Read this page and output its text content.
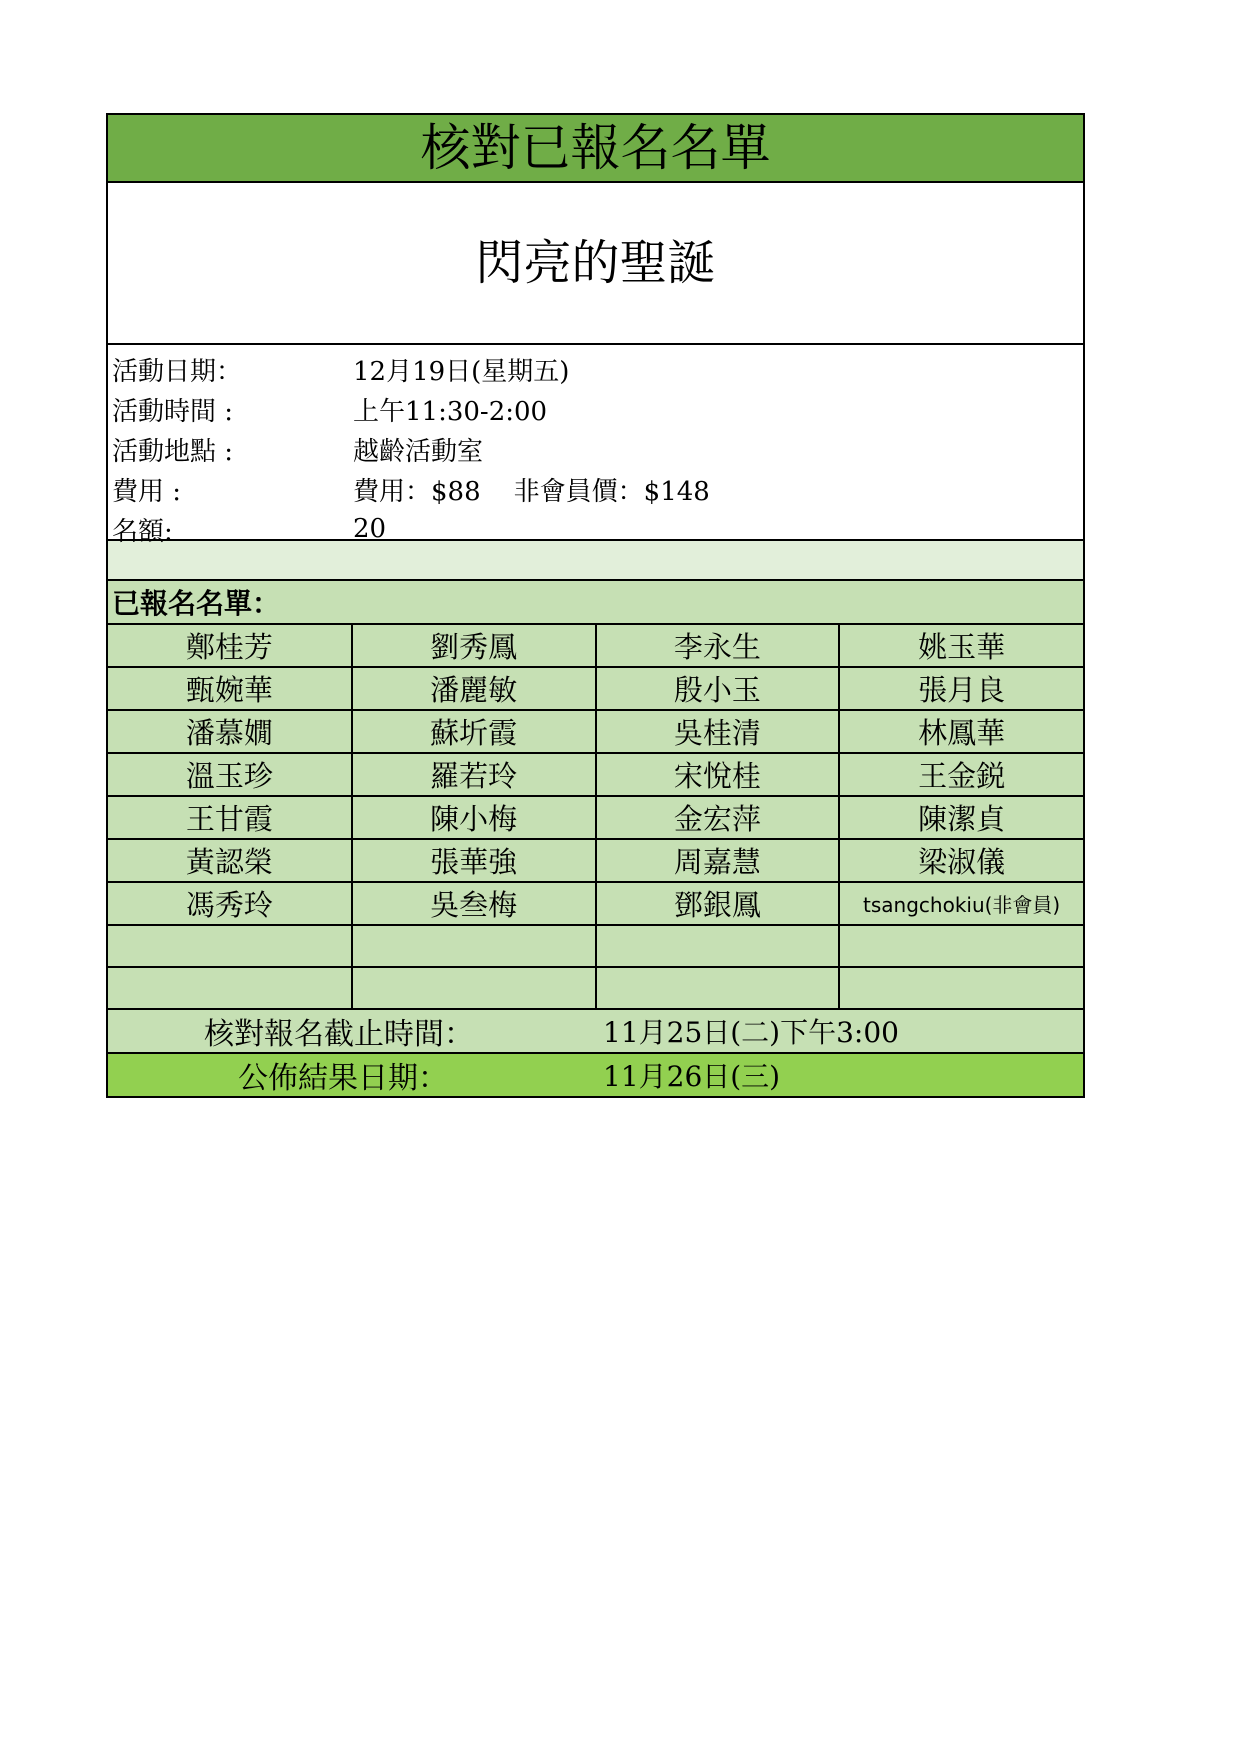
核對已報名名單
閃亮的聖誕
活動日期：	12月19日(星期五)
活動時間 :	上午11:30-2:00
活動地點 :	越齡活動室
費用 :	費用：$88    非會員價：$148
名額:	20
已報名名單：
鄭桂芳	劉秀鳳	李永生	姚玉華
甄婉華	潘麗敏	殷小玉	張月良
潘慕嫺	蘇圻霞	吳桂清	林鳳華
溫玉珍	羅若玲	宋悅桂	王金鋭
王甘霞	陳小梅	金宏萍	陳潔貞
黃認榮	張華強	周嘉慧	梁淑儀
馮秀玲	吳叁梅	鄧銀鳳	tsangchokiu(非會員)

核對報名截止時間：	11月25日(二)下午3:00
公佈結果日期：	11月26日(三)
